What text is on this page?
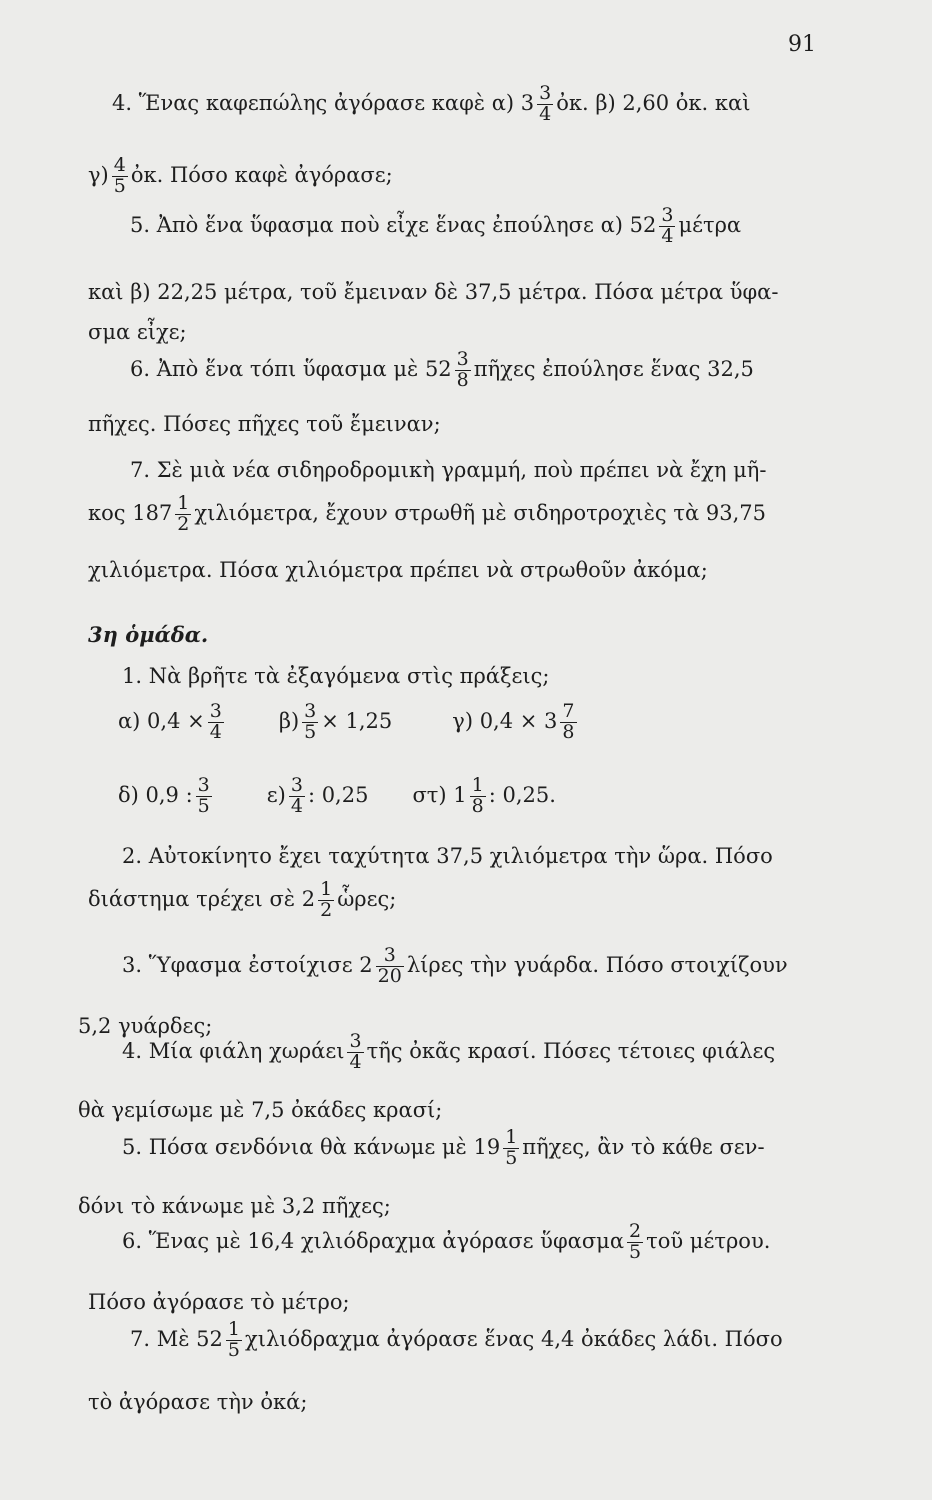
91
4. Ἕνας καφεπώλης ἀγόρασε καφὲ α) $3 \frac{3}{4}$ ὀκ. β) 2,60 ὀκ. καὶ
$\gamma) \frac{4}{5}$ ὀκ. Πόσο καφὲ ἀγόρασε;
5. Ἀπὸ ἕνα ὕφασμα ποὺ εἶχε ἕνας ἐπούλησε α) $52 \frac{3}{4}$ μέτρα
καὶ β) 22,25 μέτρα, τοῦ ἔμειναν δὲ 37,5 μέτρα. Πόσα μέτρα ὕφα-
σμα εἶχε;
6. Ἀπὸ ἕνα τόπι ὕφασμα μὲ $52 \frac{3}{8}$ πῆχες ἐπούλησε ἕνας 32,5
πῆχες. Πόσες πῆχες τοῦ ἔμειναν;
7. Σὲ μιὰ νέα σιδηροδρομικὴ γραμμή, ποὺ πρέπει νὰ ἔχη μῆ-
κος $187 \frac{1}{2} \chi\iota\lambda\iota ό\mu\varepsilon\tau\rho\alpha$, ἔχουν στρωθῆ μὲ σιδηροτροχιὲς τὰ 93,75
χιλιόμετρα. Πόσα χιλιόμετρα πρέπει νὰ στρωθοῦν ἀκόμα;
3η ὁμάδα.
1. Νὰ βρῆτε τὰ ἐξαγόμενα στὶς πράξεις;
α) $0,4 \times \frac{3}{4}$	$\beta) \frac{3}{5} \times 1,25$	γ) $0,4 \times 3 \frac{7}{8}$
δ) 0,9 : $\frac{3}{5}$	$\varepsilon) \frac{3}{4}$ : 0,25 στ) $1 \frac{1}{8}$ : 0,25.
2. Αὐτοκίνητο ἔχει ταχύτητα 37,5 χιλιόμετρα τὴν ὥρα. Πόσο
διάστημα τρέχει σὲ $2 \frac{1}{2}$ ὧρες;
3. Ὕφασμα ἐστοίχισε $2 \frac{3}{20}$ λίρες τὴν γυάρδα. Πόσο στοιχίζουν
5,2 γυάρδες;
4. Μία φιάλη χωράει $\frac{3}{4}$ τῆς ὀκᾶς κρασί. Πόσες τέτοιες φιάλες
θὰ γεμίσωμε μὲ 7,5 ὀκάδες κρασί;
5. Πόσα σενδόνια θὰ κάνωμε μὲ $19 \frac{1}{5}$ πῆχες, ἂν τὸ κάθε σεν-
δόνι τὸ κάνωμε μὲ 3,2 πῆχες;
6. Ἕνας μὲ 16,4 χιλιόδραχμα ἀγόρασε ὕφασμα $\frac{2}{5}$ τοῦ μέτρου.
Πόσο ἀγόρασε τὸ μέτρο;
7. Μὲ $52 \frac{1}{5}$ χιλιόδραχμα ἀγόρασε ἕνας 4,4 ὀκάδες λάδι. Πόσο
τὸ ἀγόρασε τὴν ὀκά;
